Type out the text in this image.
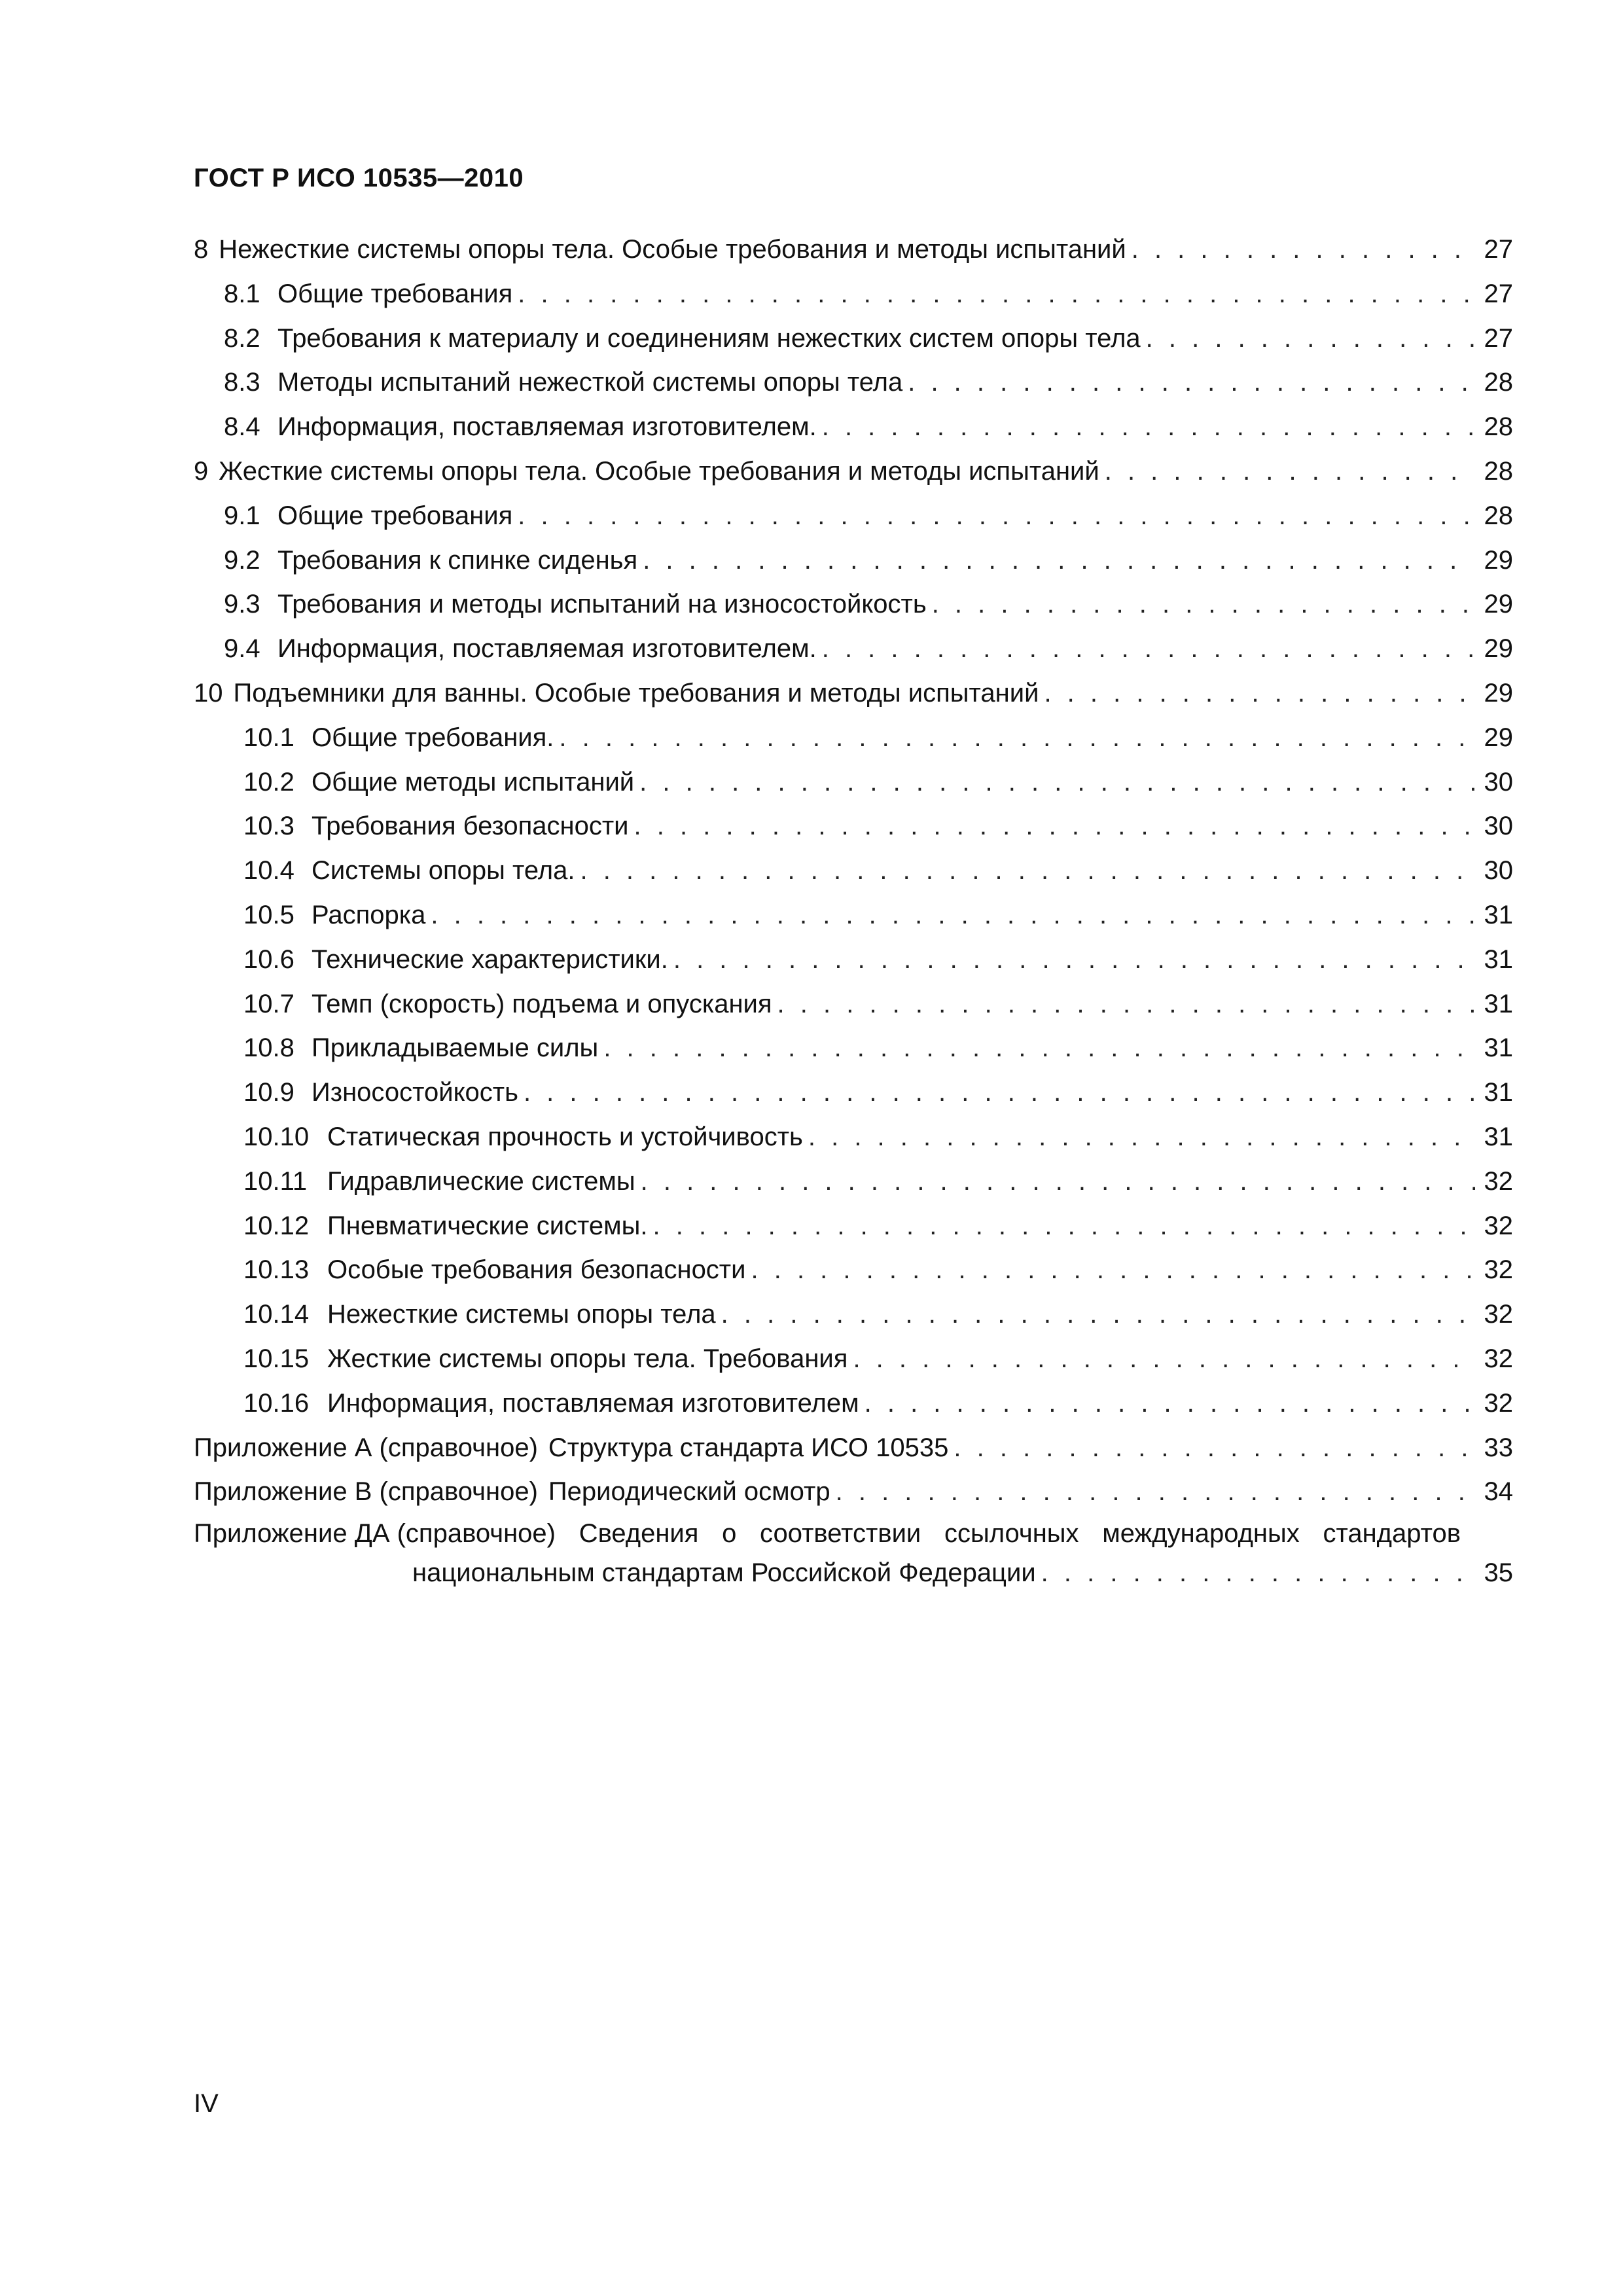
ГОСТ Р ИСО 10535—2010
8 Нежесткие системы опоры тела. Особые требования и методы испытаний . . .	27
8.1 Общие требования . . .	27
8.2 Требования к материалу и соединениям нежестких систем опоры тела . . .	27
8.3 Методы испытаний нежесткой системы опоры тела . . .	28
8.4 Информация, поставляемая изготовителем. . . .	28
9 Жесткие системы опоры тела. Особые требования и методы испытаний . . .	28
9.1 Общие требования . . .	28
9.2 Требования к спинке сиденья . . .	29
9.3 Требования и методы испытаний на износостойкость . . .	29
9.4 Информация, поставляемая изготовителем. . . .	29
10 Подъемники для ванны. Особые требования и методы испытаний . . .	29
10.1 Общие требования. . . .	29
10.2 Общие методы испытаний . . .	30
10.3 Требования безопасности . . .	30
10.4 Системы опоры тела. . . .	30
10.5 Распорка . . .	31
10.6 Технические характеристики. . . .	31
10.7 Темп (скорость) подъема и опускания . . .	31
10.8 Прикладываемые силы . . .	31
10.9 Износостойкость . . .	31
10.10 Статическая прочность и устойчивость . . .	31
10.11 Гидравлические системы . . .	32
10.12 Пневматические системы. . . .	32
10.13 Особые требования безопасности . . .	32
10.14 Нежесткие системы опоры тела . . .	32
10.15 Жесткие системы опоры тела. Требования . . .	32
10.16 Информация, поставляемая изготовителем . . .	32
Приложение А (справочное) Структура стандарта ИСО 10535 . . .	33
Приложение В (справочное) Периодический осмотр . . .	34
Приложение ДА (справочное) Сведения о соответствии ссылочных международных стандартов
национальным стандартам Российской Федерации . . .	35
IV
